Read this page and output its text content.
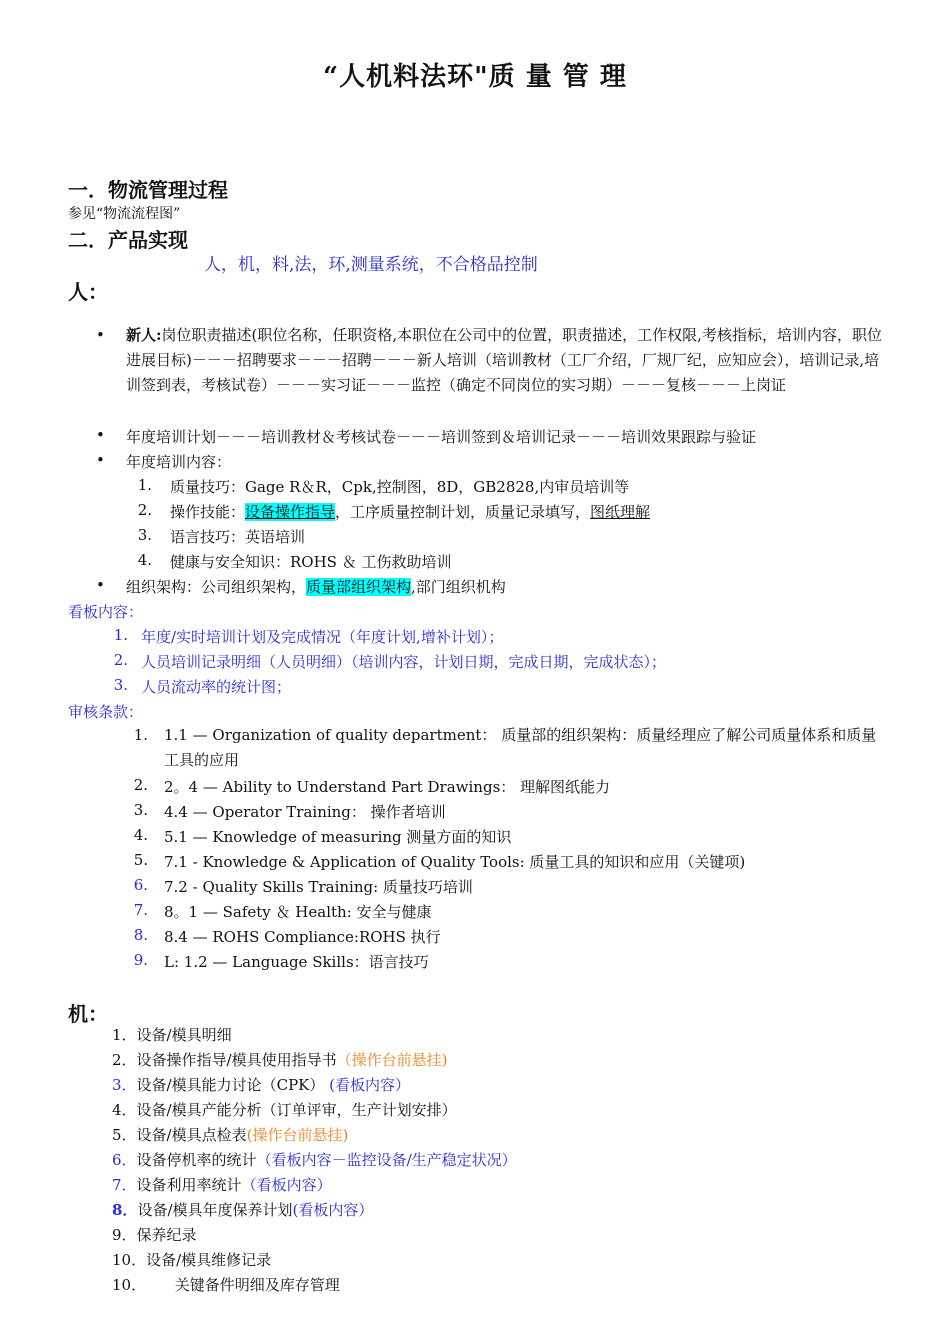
“人机料法环"质 量 管 理
一．物流管理过程
参见“物流流程图”
二．产品实现
人，机，料,法，环,测量系统，不合格品控制
人：
• 新人:岗位职责描述(职位名称，任职资格,本职位在公司中的位置，职责描述，工作权限,考核指标，培训内容，职位进展目标)－－－招聘要求－－－招聘－－－新人培训（培训教材（工厂介绍，厂规厂纪，应知应会），培训记录,培训签到表，考核试卷）－－－实习证－－－监控（确定不同岗位的实习期）－－－复核－－－上岗证
• 年度培训计划－－－培训教材＆考核试卷－－－培训签到＆培训记录－－－培训效果跟踪与验证
• 年度培训内容：
1. 质量技巧：Gage R＆R，Cpk,控制图，8D，GB2828,内审员培训等
2. 操作技能：设备操作指导，工序质量控制计划，质量记录填写，图纸理解
3. 语言技巧：英语培训
4. 健康与安全知识：ROHS ＆ 工伤救助培训
• 组织架构：公司组织架构，质量部组织架构,部门组织机构
看板内容：
1. 年度/实时培训计划及完成情况（年度计划,增补计划）；
2. 人员培训记录明细（人员明细）（培训内容，计划日期，完成日期，完成状态）；
3. 人员流动率的统计图；
审核条款：
1. 1.1 — Organization of quality department： 质量部的组织架构：质量经理应了解公司质量体系和质量工具的应用
2. 2。4 — Ability to Understand Part Drawings： 理解图纸能力
3. 4.4 — Operator Training： 操作者培训
4. 5.1 — Knowledge of measuring 测量方面的知识
5. 7.1 - Knowledge & Application of Quality Tools: 质量工具的知识和应用（关键项)
6. 7.2 - Quality Skills Training: 质量技巧培训
7. 8。1 — Safety ＆ Health: 安全与健康
8. 8.4 — ROHS Compliance:ROHS 执行
9. L: 1.2 — Language Skills：语言技巧
机：
1．设备/模具明细
2．设备操作指导/模具使用指导书（操作台前悬挂)
3．设备/模具能力讨论（CPK） (看板内容）
4．设备/模具产能分析（订单评审，生产计划安排）
5．设备/模具点检表(操作台前悬挂)
6．设备停机率的统计（看板内容－监控设备/生产稳定状况）
7．设备利用率统计（看板内容）
8．设备/模具年度保养计划(看板内容）
9．保养纪录
10．设备/模具维修记录
10．      关键备件明细及库存管理
